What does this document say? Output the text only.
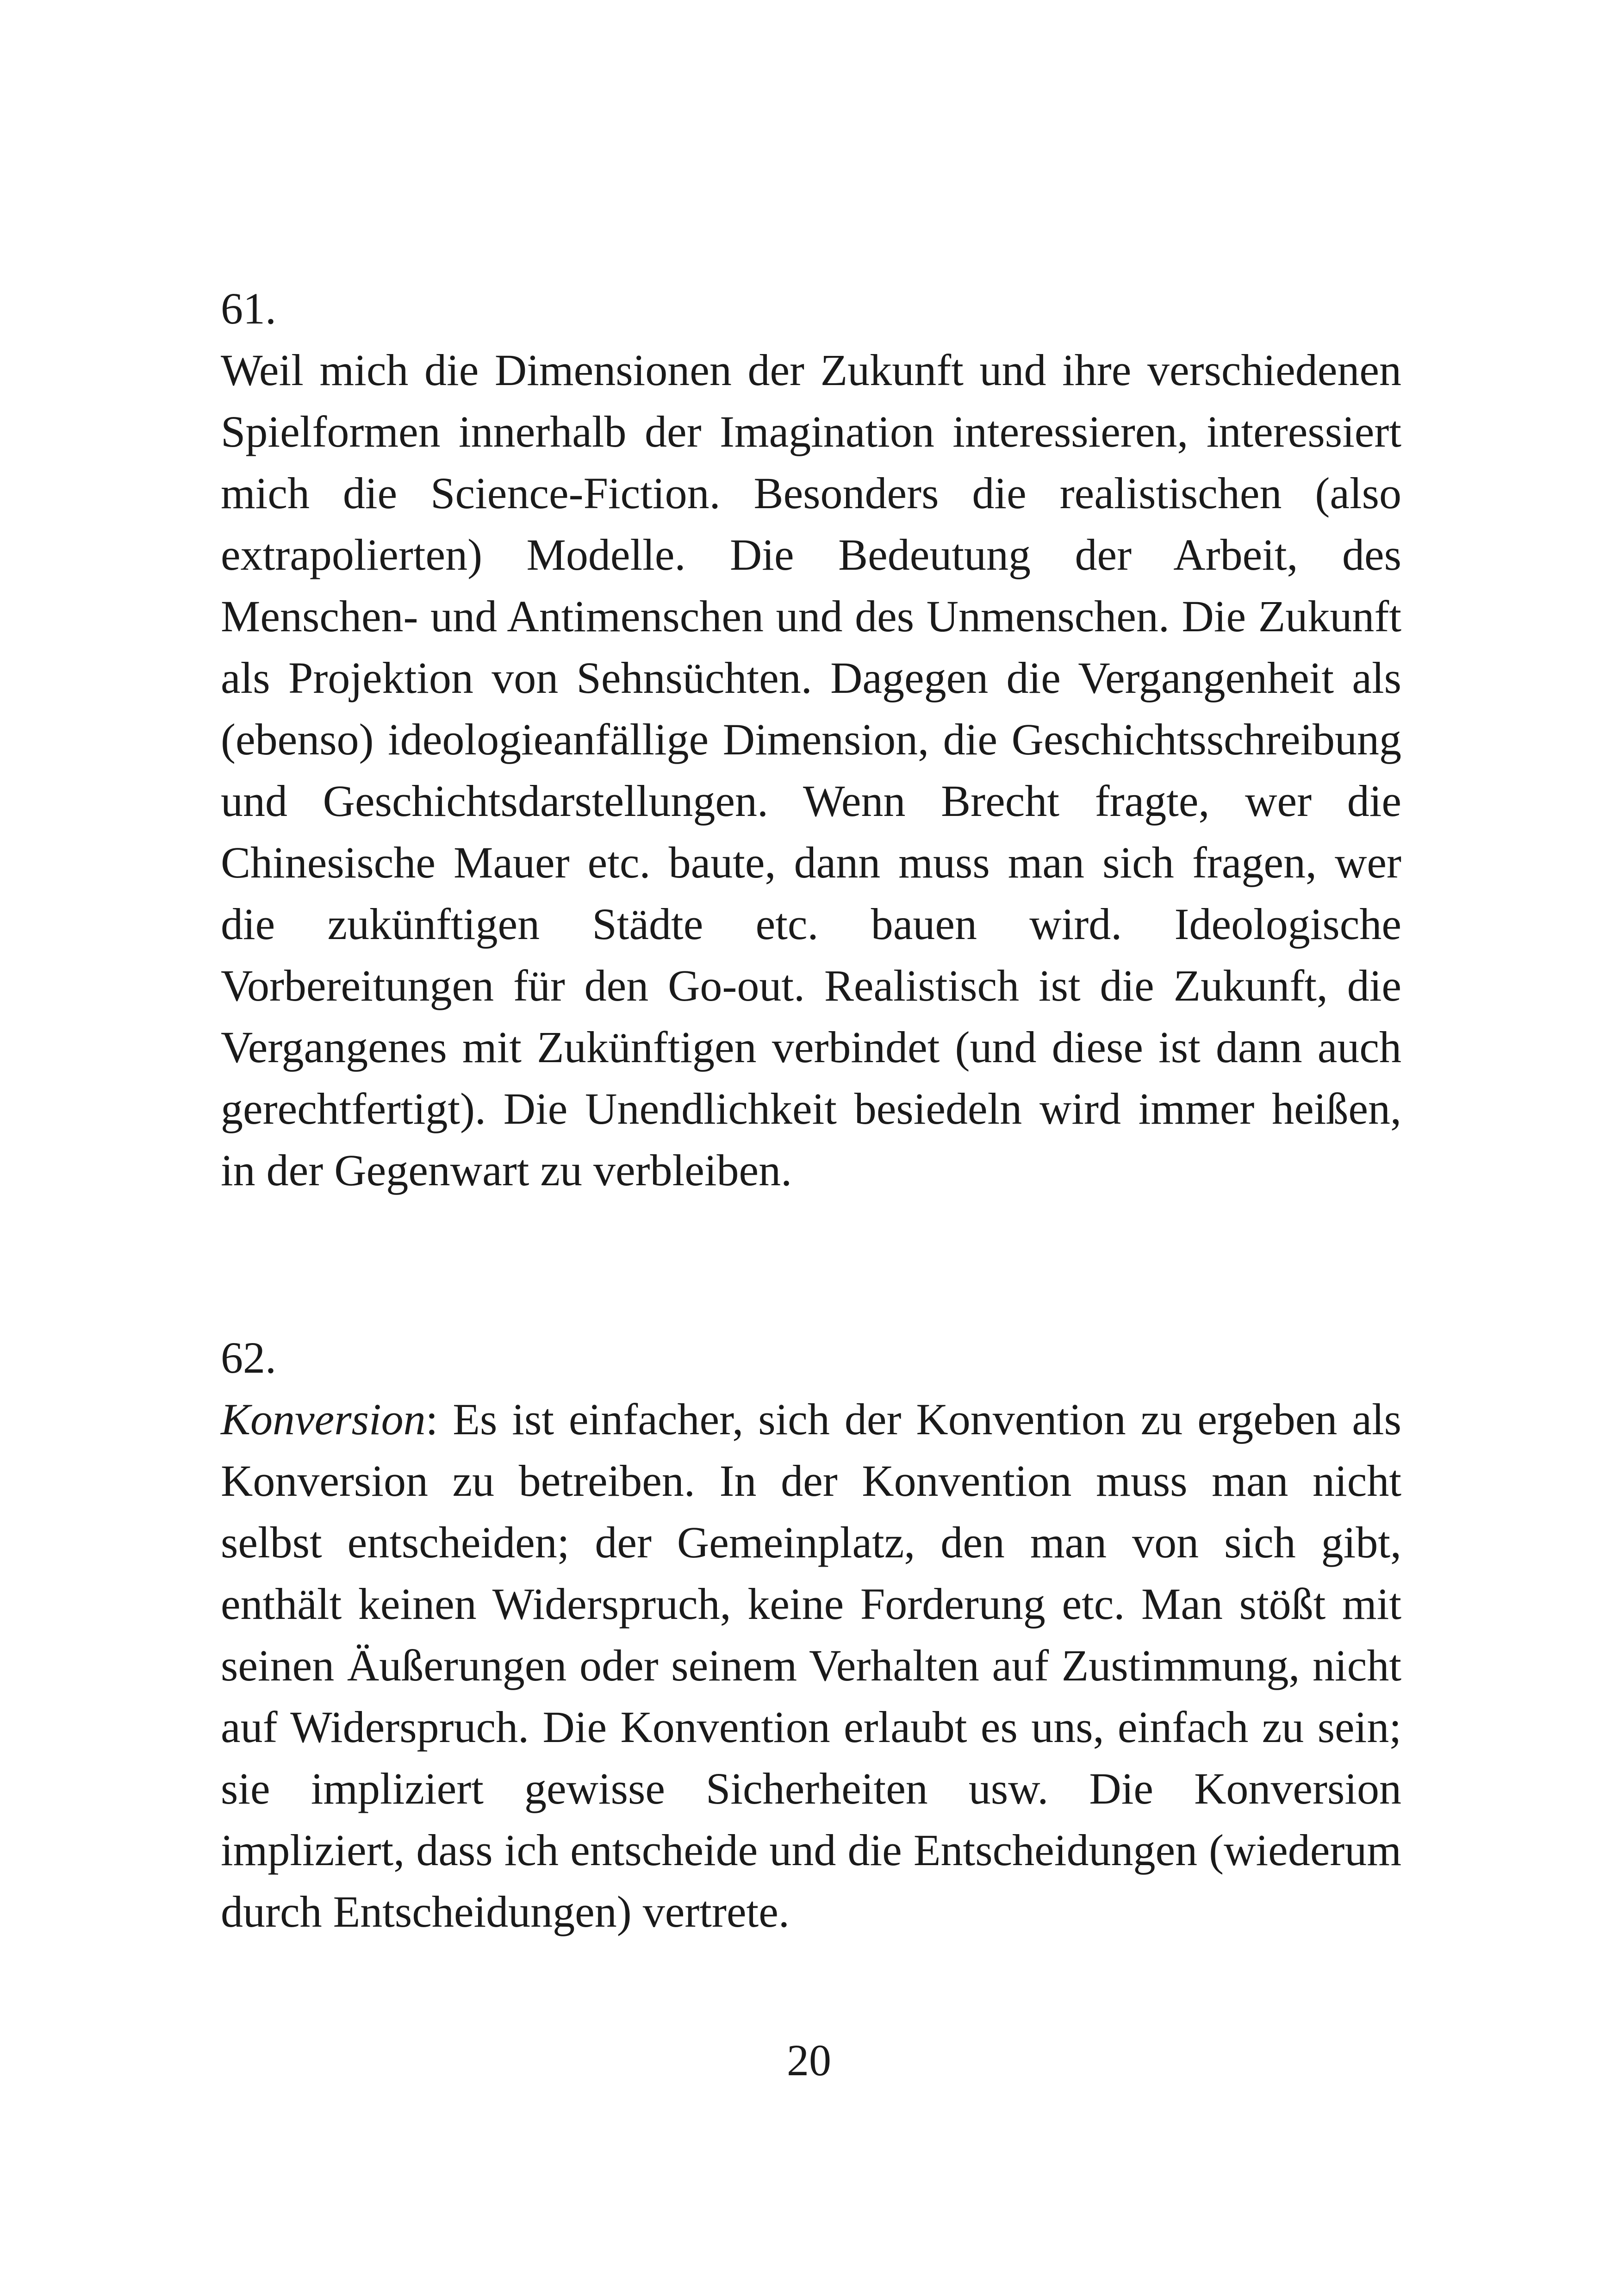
61.

Weil mich die Dimensionen der Zukunft und ihre verschiedenen Spielformen innerhalb der Imagination interessieren, interessiert mich die Science-Fiction. Besonders die realistischen (also extrapolierten) Modelle. Die Bedeutung der Arbeit, des Menschen- und Antimenschen und des Unmenschen. Die Zukunft als Projektion von Sehnsüchten. Dagegen die Vergangenheit als (ebenso) ideologieanfällige Dimension, die Geschichtsschreibung und Geschichtsdarstellungen. Wenn Brecht fragte, wer die Chinesische Mauer etc. baute, dann muss man sich fragen, wer die zukünftigen Städte etc. bauen wird. Ideologische Vorbereitungen für den Go-out. Realistisch ist die Zukunft, die Vergangenes mit Zukünftigen verbindet (und diese ist dann auch gerechtfertigt). Die Unendlichkeit besiedeln wird immer heißen, in der Gegenwart zu verbleiben.

62.

Konversion: Es ist einfacher, sich der Konvention zu ergeben als Konversion zu betreiben. In der Konvention muss man nicht selbst entscheiden; der Gemeinplatz, den man von sich gibt, enthält keinen Widerspruch, keine Forderung etc. Man stößt mit seinen Äußerungen oder seinem Verhalten auf Zustimmung, nicht auf Widerspruch. Die Konvention erlaubt es uns, einfach zu sein; sie impliziert gewisse Sicherheiten usw. Die Konversion impliziert, dass ich entscheide und die Entscheidungen (wiederum durch Entscheidungen) vertrete.

20
